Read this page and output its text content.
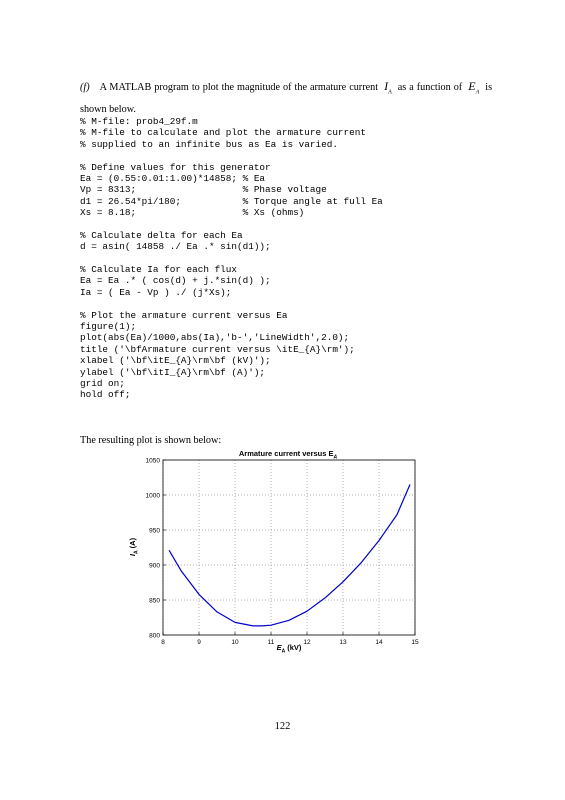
(f) A MATLAB program to plot the magnitude of the armature current $I_A$ as a function of $E_A$ is shown below.
% M-file: prob4_29f.m
% M-file to calculate and plot the armature current
% supplied to an infinite bus as Ea is varied.
% Define values for this generator
Ea = (0.55:0.01:1.00)*14858; % Ea
Vp = 8313;                   % Phase voltage
d1 = 26.54*pi/180;           % Torque angle at full Ea
Xs = 8.18;                   % Xs (ohms)
% Calculate delta for each Ea
d = asin( 14858 ./ Ea .* sin(d1));
% Calculate Ia for each flux
Ea = Ea .* ( cos(d) + j.*sin(d) );
Ia = ( Ea - Vp ) ./ (j*Xs);
% Plot the armature current versus Ea
figure(1);
plot(abs(Ea)/1000,abs(Ia),'b-','LineWidth',2.0);
title ('\bfArmature current versus \itE_{A}\rm');
xlabel ('\bf\itE_{A}\rm\bf (kV)');
ylabel ('\bf\itI_{A}\rm\bf (A)');
grid on;
hold off;
The resulting plot is shown below:
8	9	10	11	12	13	14	15
800
850
900
950
1000
1050
Armature current versus $E_A$
$E_A$ (kV)
$I_A(A)$
122
